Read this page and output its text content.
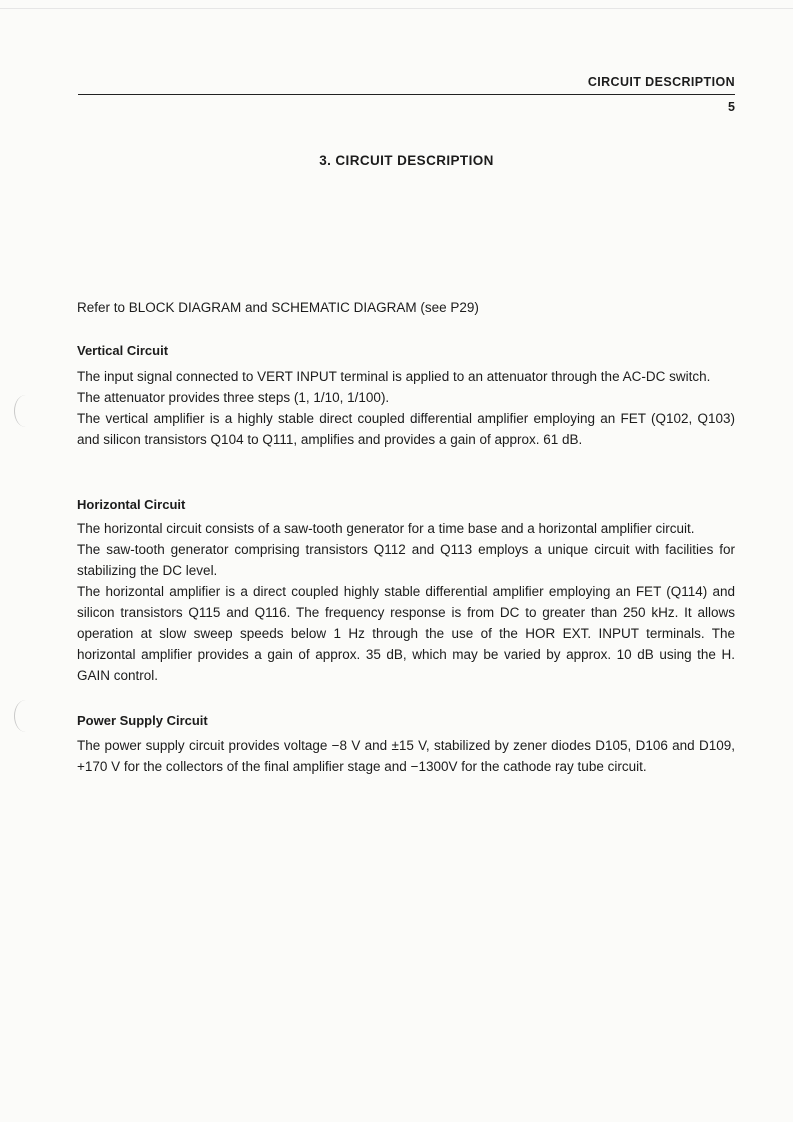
CIRCUIT DESCRIPTION
5
3. CIRCUIT DESCRIPTION
Refer to BLOCK DIAGRAM and SCHEMATIC DIAGRAM (see P29)
Vertical Circuit

The input signal connected to VERT INPUT terminal is applied to an attenuator through the AC-DC switch.

The attenuator provides three steps (1, 1/10, 1/100).

The vertical amplifier is a highly stable direct coupled differential amplifier employing an FET (Q102, Q103) and silicon transistors Q104 to Q111, amplifies and provides a gain of approx. 61 dB.

Horizontal Circuit

The horizontal circuit consists of a saw-tooth generator for a time base and a horizontal amplifier circuit.

The saw-tooth generator comprising transistors Q112 and Q113 employs a unique circuit with facilities for stabilizing the DC level.

The horizontal amplifier is a direct coupled highly stable differential amplifier employing an FET (Q114) and silicon transistors Q115 and Q116. The frequency response is from DC to greater than 250 kHz. It allows operation at slow sweep speeds below 1 Hz through the use of the HOR EXT. INPUT terminals. The horizontal amplifier provides a gain of approx. 35 dB, which may be varied by approx. 10 dB using the H. GAIN control.

Power Supply Circuit

The power supply circuit provides voltage −8 V and ±15 V, stabilized by zener diodes D105, D106 and D109, +170 V for the collectors of the final amplifier stage and −1300V for the cathode ray tube circuit.
